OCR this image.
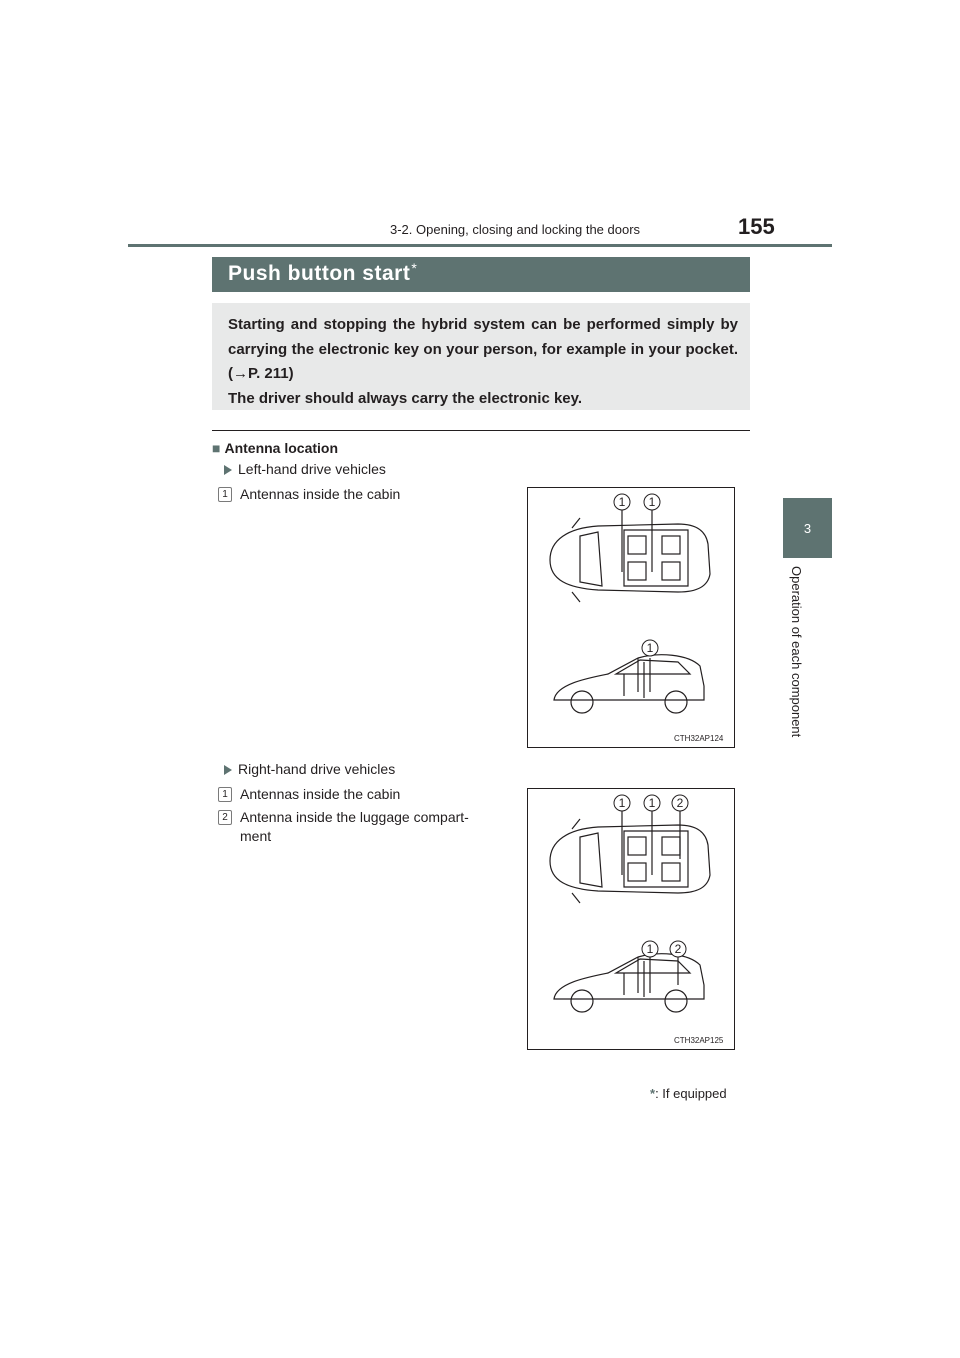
3-2. Opening, closing and locking the doors	155
3
Operation of each component
Push button start*

Starting and stopping the hybrid system can be performed simply by carrying the electronic key on your person, for example in your pocket. (→P. 211)
The driver should always carry the electronic key.

■ Antenna location
Left-hand drive vehicles
1 Antennas inside the cabin	1 1
1
CTH32AP124
Right-hand drive vehicles
1 Antennas inside the cabin
2 Antenna inside the luggage compart-
ment
1 1 2
1 2
CTH32AP125
*: If equipped
